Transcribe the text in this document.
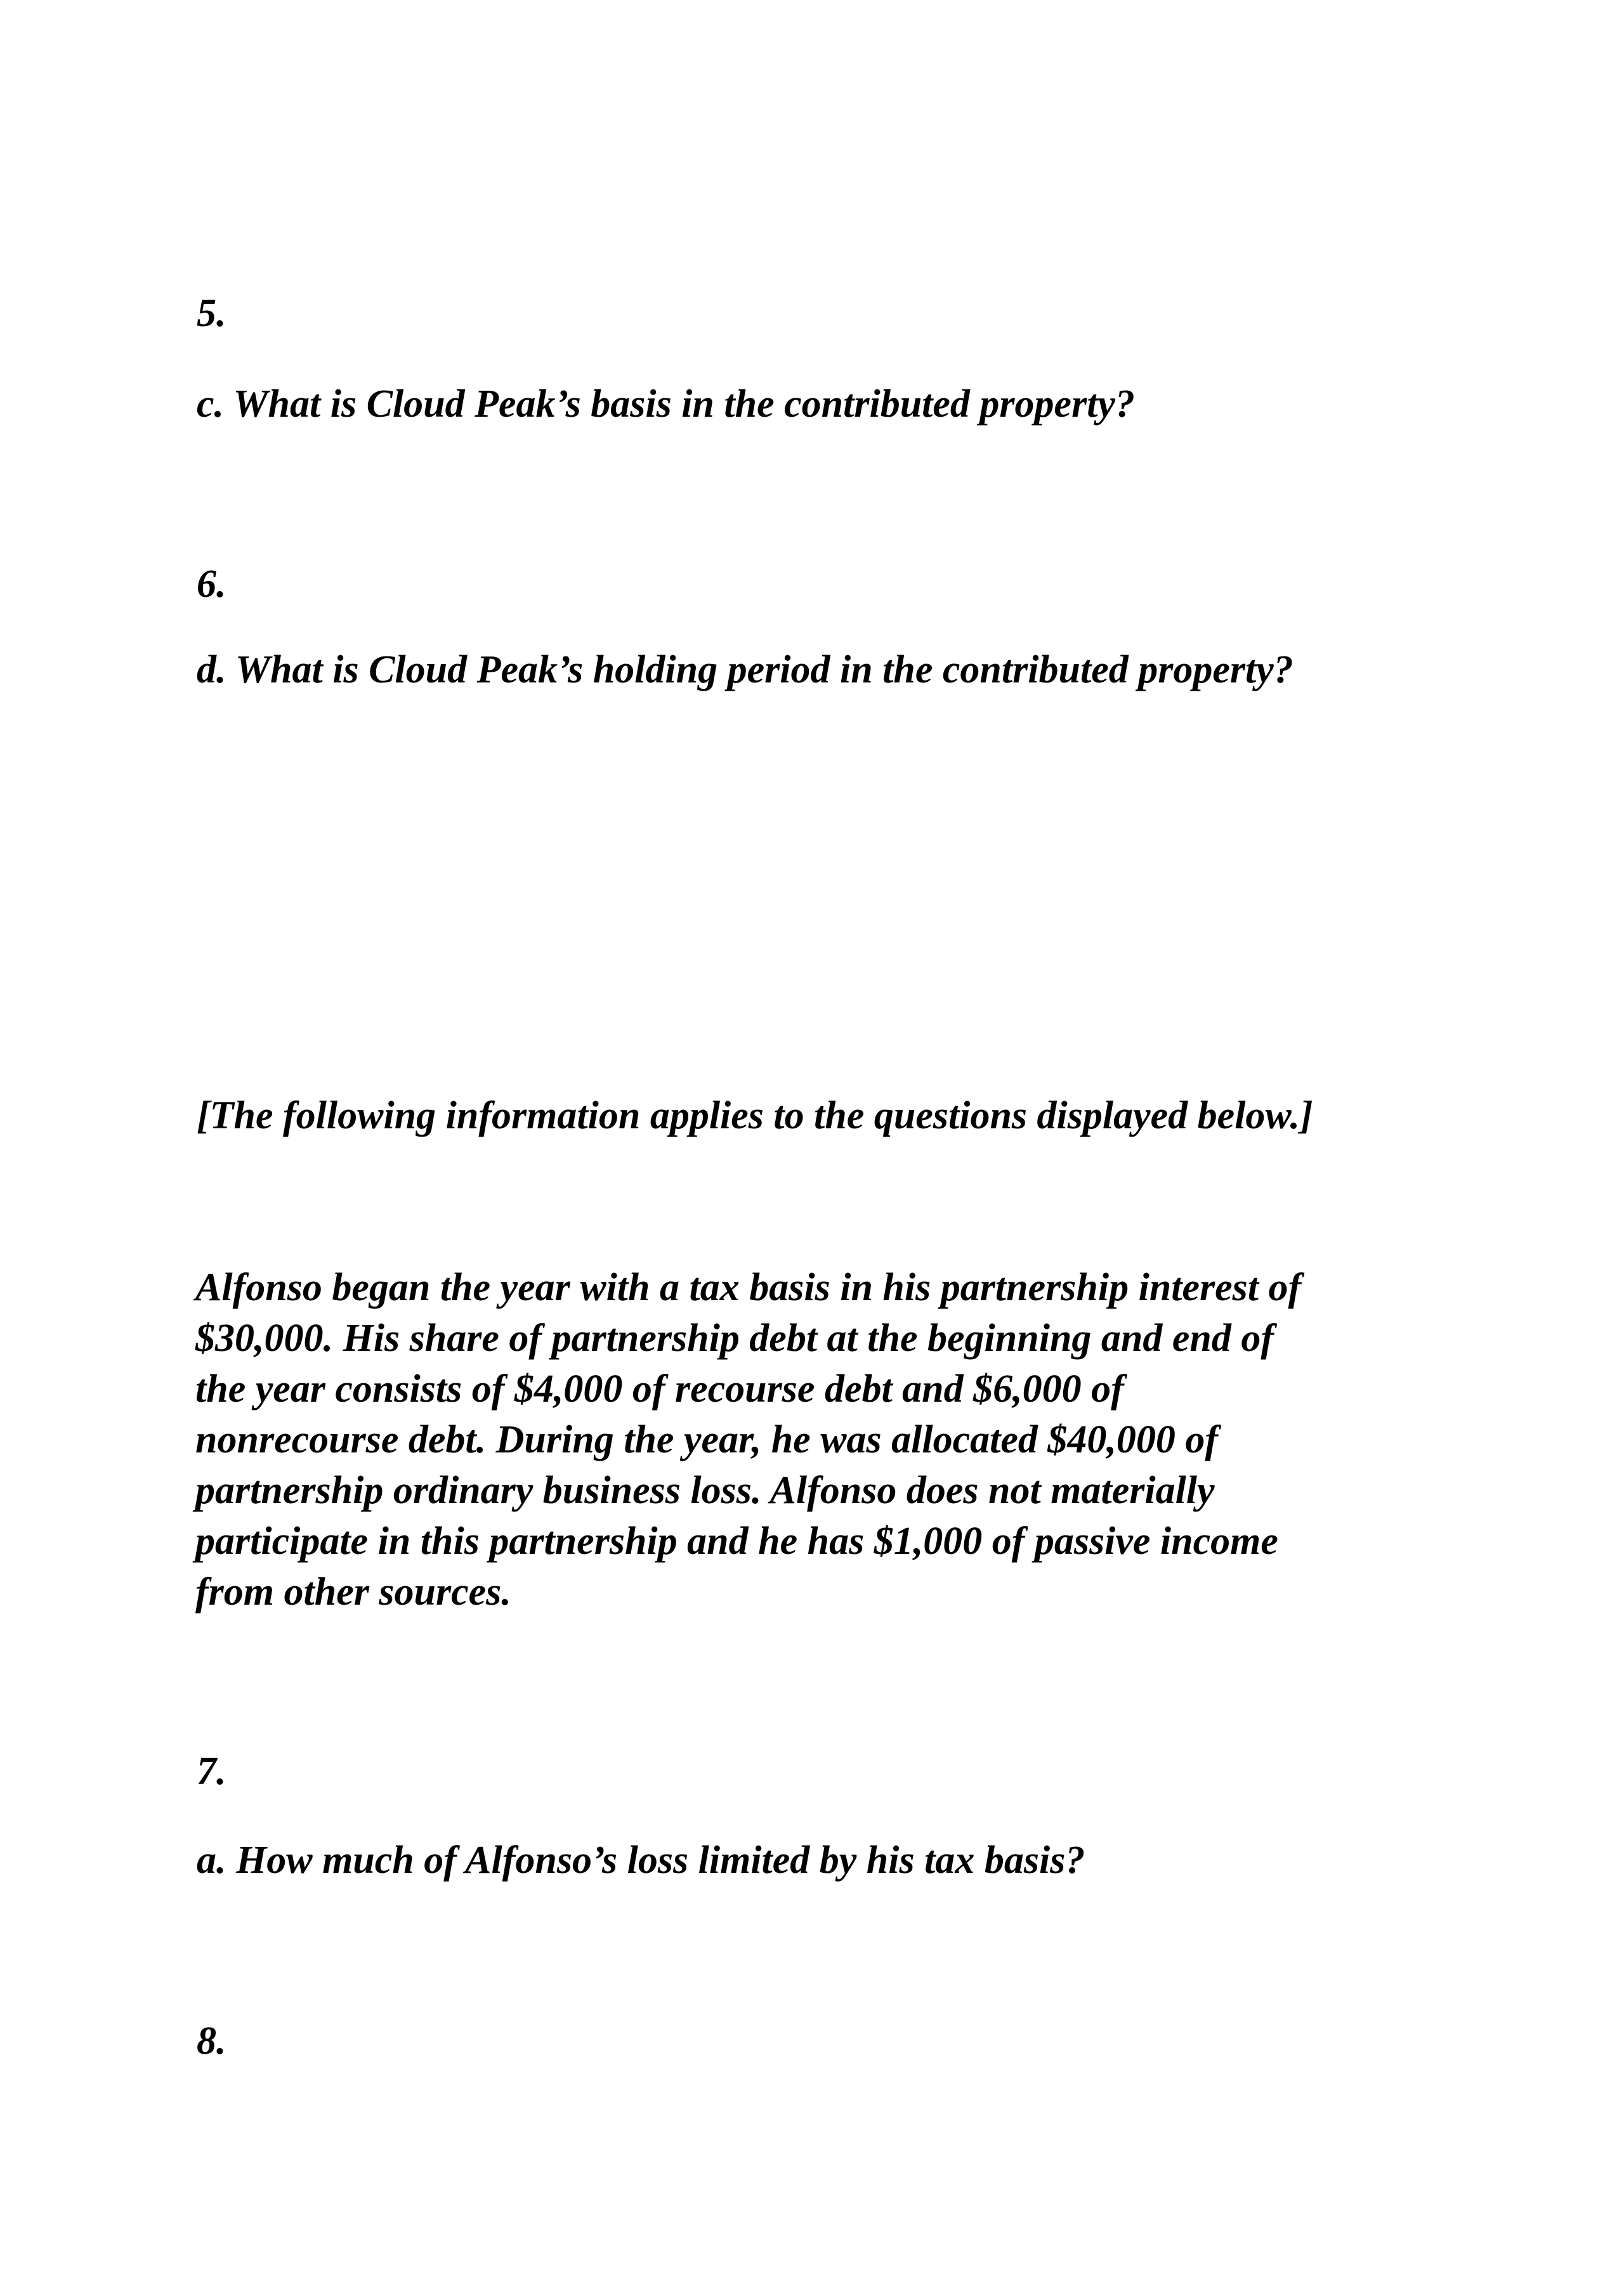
5.
c. What is Cloud Peak’s basis in the contributed property?
6.
d. What is Cloud Peak’s holding period in the contributed property?
[The following information applies to the questions displayed below.]
Alfonso began the year with a tax basis in his partnership interest of
$30,000. His share of partnership debt at the beginning and end of
the year consists of $4,000 of recourse debt and $6,000 of
nonrecourse debt. During the year, he was allocated $40,000 of
partnership ordinary business loss. Alfonso does not materially
participate in this partnership and he has $1,000 of passive income
from other sources.
7.
a. How much of Alfonso’s loss limited by his tax basis?
8.
